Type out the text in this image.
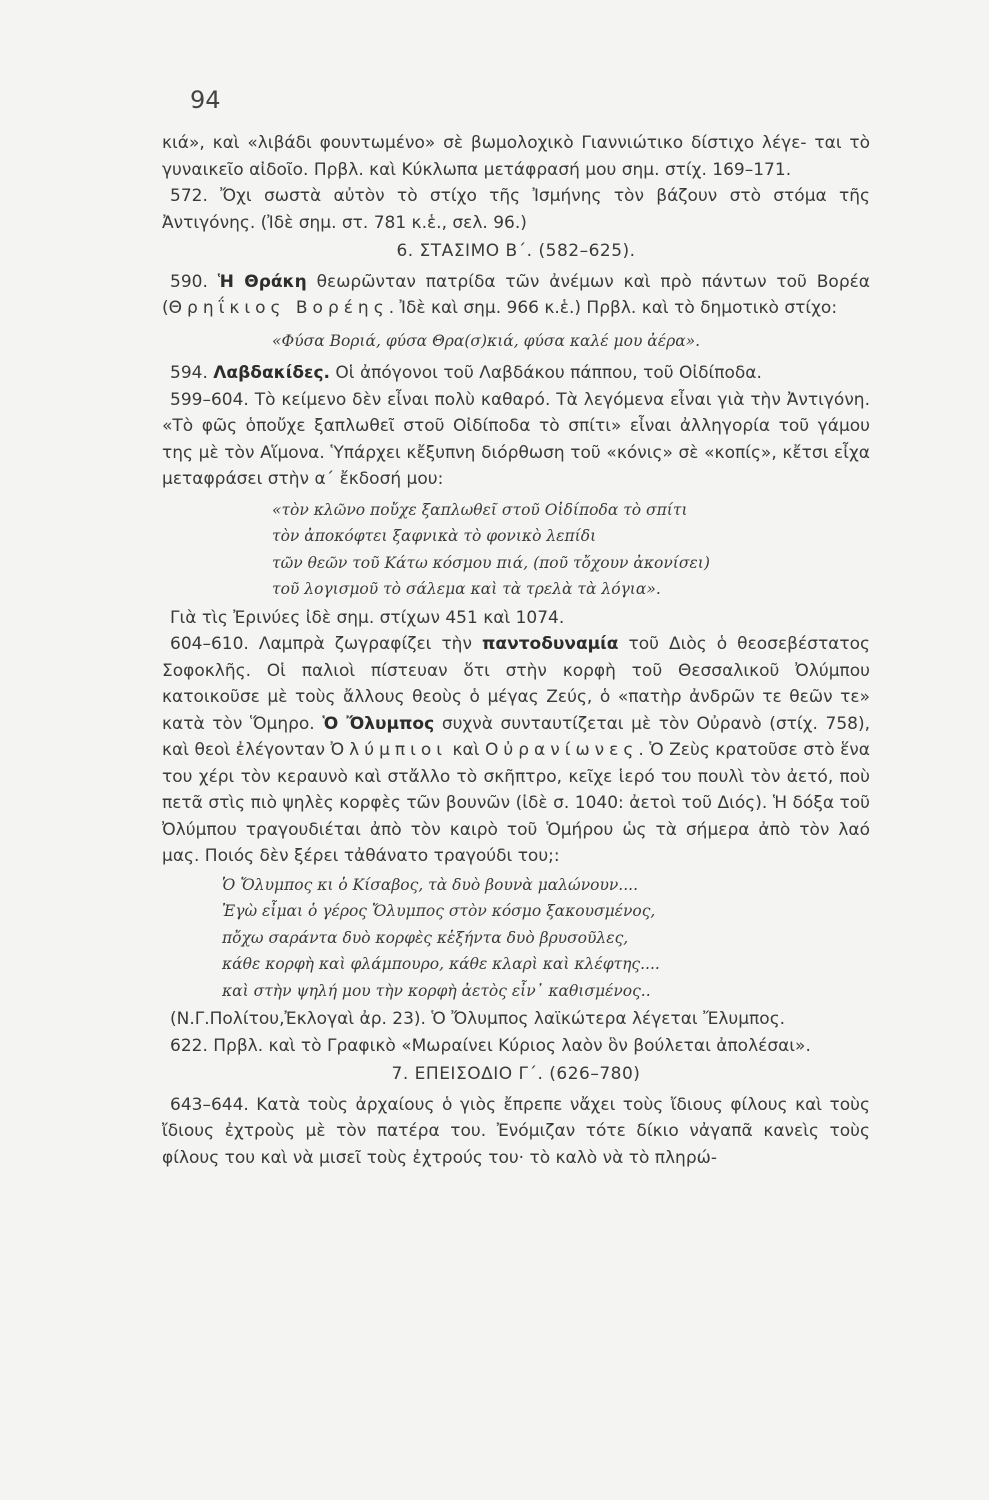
94

κιά», καὶ «λιβάδι φουντωμένο» σὲ βωμολοχικὸ Γιαννιώτικο δίστιχο λέγε- ται τὸ γυναικεῖο αἰδοῖο. Πρβλ. καὶ Κύκλωπα μετάφρασή μου σημ. στίχ. 169–171.

572. Ὄχι σωστὰ αὐτὸν τὸ στίχο τῆς Ἰσμήνης τὸν βάζουν στὸ στόμα τῆς Ἀντιγόνης. (Ἰδὲ σημ. στ. 781 κ.ἑ., σελ. 96.)

6. ΣΤΑΣΙΜΟ Β΄. (582–625).

590. Ἡ Θράκη θεωρῶνταν πατρίδα τῶν ἀνέμων καὶ πρὸ πάντων τοῦ Βορέα (Θρηΐκιος Βορέης. Ἰδὲ καὶ σημ. 966 κ.ἑ.) Πρβλ. καὶ τὸ δημοτικὸ στίχο:

«Φύσα Βοριά, φύσα Θρα(σ)κιά, φύσα καλέ μου ἀέρα».

594. Λαβδακίδες. Οἱ ἀπόγονοι τοῦ Λαβδάκου πάππου, τοῦ Οἰδίποδα.

599–604. Τὸ κείμενο δὲν εἶναι πολὺ καθαρό. Τὰ λεγόμενα εἶναι γιὰ τὴν Ἀντιγόνη. «Τὸ φῶς ὁποὔχε ξαπλωθεῖ στοῦ Οἰδίποδα τὸ σπίτι» εἶναι ἀλληγορία τοῦ γάμου της μὲ τὸν Αἵμονα. Ὑπάρχει κἔξυπνη διόρθωση τοῦ «κόνις» σὲ «κοπίς», κἔτσι εἶχα μεταφράσει στὴν α΄ ἔκδοσή μου:

«τὸν κλῶνο ποὔχε ξαπλωθεῖ στοῦ Οἰδίποδα τὸ σπίτι
τὸν ἀποκόφτει ξαφνικὰ τὸ φονικὸ λεπίδι
τῶν θεῶν τοῦ Κάτω κόσμου πιά, (ποῦ τὄχουν ἀκονίσει)
τοῦ λογισμοῦ τὸ σάλεμα καὶ τὰ τρελὰ τὰ λόγια».

Γιὰ τὶς Ἐρινύες ἰδὲ σημ. στίχων 451 καὶ 1074.

604–610. Λαμπρὰ ζωγραφίζει τὴν παντοδυναμία τοῦ Διὸς ὁ θεοσεβέστατος Σοφοκλῆς. Οἱ παλιοὶ πίστευαν ὅτι στὴν κορφὴ τοῦ Θεσσαλικοῦ Ὀλύμπου κατοικοῦσε μὲ τοὺς ἄλλους θεοὺς ὁ μέγας Ζεύς, ὁ «πατὴρ ἀνδρῶν τε θεῶν τε» κατὰ τὸν Ὅμηρο. Ὁ Ὄλυμπος συχνὰ συνταυτίζεται μὲ τὸν Οὐρανὸ (στίχ. 758), καὶ θεοὶ ἐλέγονταν Ὀλύμπιοι καὶ Οὐρανίωνες. Ὁ Ζεὺς κρατοῦσε στὸ ἕνα του χέρι τὸν κεραυνὸ καὶ στἄλλο τὸ σκῆπτρο, κεῖχε ἱερό του πουλὶ τὸν ἀετό, ποὺ πετᾶ στὶς πιὸ ψηλὲς κορφὲς τῶν βουνῶν (ἰδὲ σ. 1040: ἀετοὶ τοῦ Διός). Ἡ δόξα τοῦ Ὀλύμπου τραγουδιέται ἀπὸ τὸν καιρὸ τοῦ Ὁμήρου ὡς τὰ σήμερα ἀπὸ τὸν λαό μας. Ποιός δὲν ξέρει τἀθάνατο τραγούδι του;:

Ὁ Ὄλυμπος κι ὁ Κίσαβος, τὰ δυὸ βουνὰ μαλώνουν....
Ἐγὼ εἶμαι ὁ γέρος Ὄλυμπος στὸν κόσμο ξακουσμένος,
πὄχω σαράντα δυὸ κορφὲς κἑξήντα δυὸ βρυσοῦλες,
κάθε κορφὴ καὶ φλάμπουρο, κάθε κλαρὶ καὶ κλέφτης....
καὶ στὴν ψηλή μου τὴν κορφὴ ἀετὸς εἶν᾿ καθισμένος..

(Ν.Γ.Πολίτου,Ἐκλογαὶ ἀρ. 23). Ὁ Ὄλυμπος λαϊκώτερα λέγεται Ἔλυμπος.

622. Πρβλ. καὶ τὸ Γραφικὸ «Μωραίνει Κύριος λαὸν ὃν βούλεται ἀπολέσαι».

7. ΕΠΕΙΣΟΔΙΟ Γ΄. (626–780)

643–644. Κατὰ τοὺς ἀρχαίους ὁ γιὸς ἔπρεπε νἄχει τοὺς ἴδιους φίλους καὶ τοὺς ἴδιους ἐχτροὺς μὲ τὸν πατέρα του. Ἐνόμιζαν τότε δίκιο νἀγαπᾶ κανεὶς τοὺς φίλους του καὶ νὰ μισεῖ τοὺς ἐχτρούς του· τὸ καλὸ νὰ τὸ πληρώ-
